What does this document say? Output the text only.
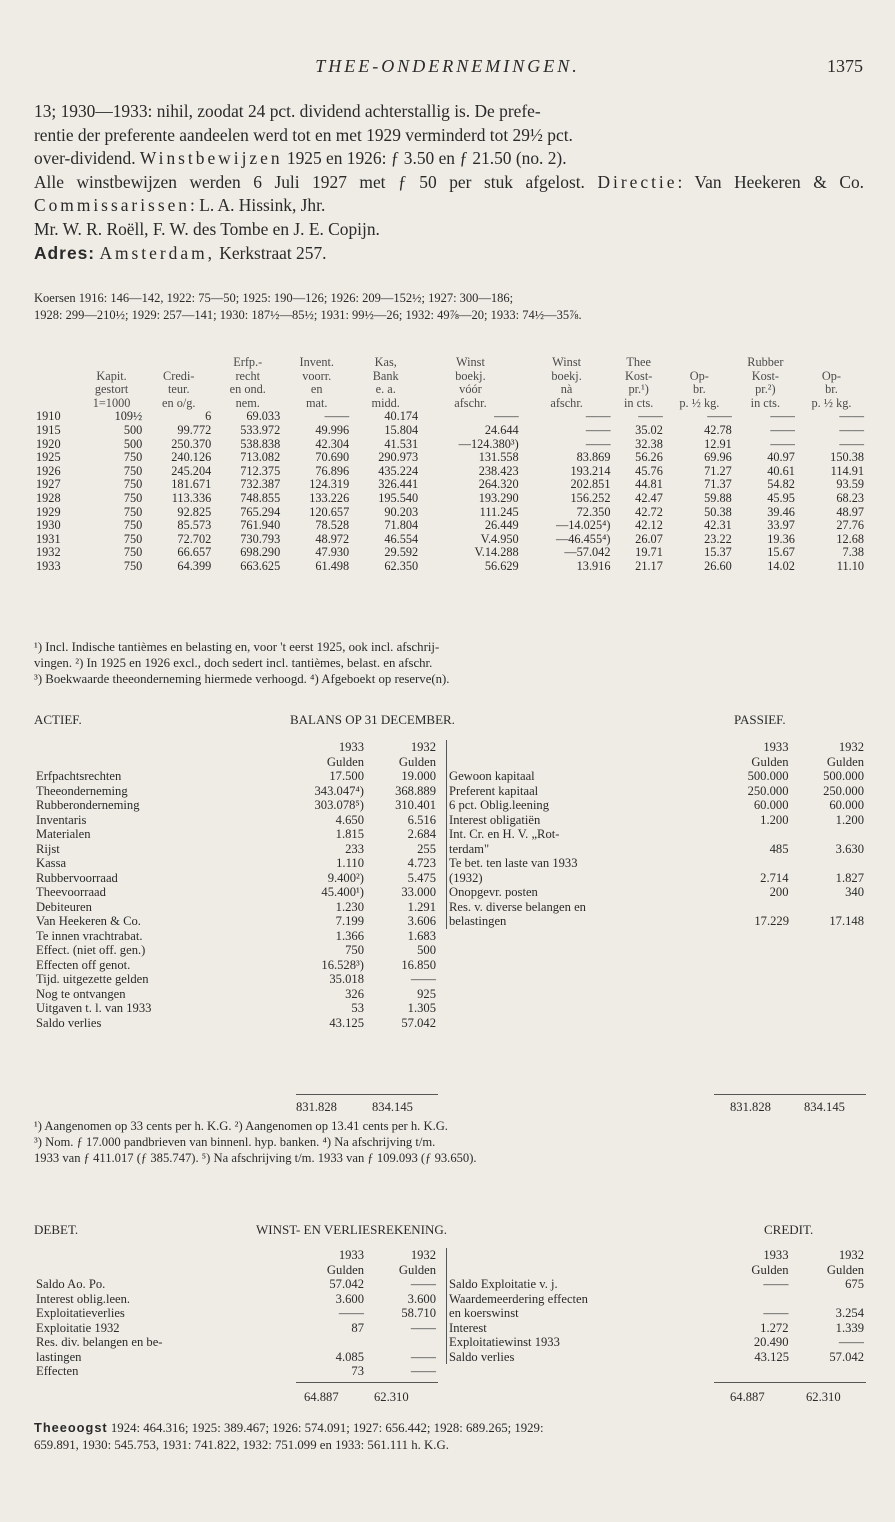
THEE-ONDERNEMINGEN.	1375

13; 1930—1933: nihil, zoodat 24 pct. dividend achterstallig is. De prefe-

rentie der preferente aandeelen werd tot en met 1929 verminderd tot 29½ pct.

over-dividend. Winstbewijzen 1925 en 1926: ƒ 3.50 en ƒ 21.50 (no. 2).

Alle winstbewijzen werden 6 Juli 1927 met ƒ 50 per stuk afgelost. Directie: Van Heekeren & Co. Commissarissen: L. A. Hissink, Jhr.

Mr. W. R. Roëll, F. W. des Tombe en J. E. Copijn.

Adres: Amsterdam, Kerkstraat 257.

Koersen 1916: 146—142, 1922: 75—50; 1925: 190—126; 1926: 209—152½; 1927: 300—186;

1928: 299—210½; 1929: 257—141; 1930: 187½—85½; 1931: 99½—26; 1932: 49⅞—20; 1933: 74½—35⅞.

			Erfp.-	Invent.	Kas,	Winst	Winst	Thee		Rubber	
	Kapit.	Credi-	recht	voorr.	Bank	boekj.	boekj.	Kost-	Op-	Kost-	Op-
	gestort	teur.	en ond.	en	e. a.	vóór	nà	pr.¹)	br.	pr.²)	br.
	1=1000	en o/g.	nem.	mat.	midd.	afschr.	afschr.	in cts.	p. ½ kg.	in cts.	p. ½ kg.
1910	109½	6	69.033	——	40.174	——	——	——	——	——	——
1915	500	99.772	533.972	49.996	15.804	24.644	——	35.02	42.78	——	——
1920	500	250.370	538.838	42.304	41.531	—124.380³)	——	32.38	12.91	——	——
1925	750	240.126	713.082	70.690	290.973	131.558	83.869	56.26	69.96	40.97	150.38
1926	750	245.204	712.375	76.896	435.224	238.423	193.214	45.76	71.27	40.61	114.91
1927	750	181.671	732.387	124.319	326.441	264.320	202.851	44.81	71.37	54.82	93.59
1928	750	113.336	748.855	133.226	195.540	193.290	156.252	42.47	59.88	45.95	68.23
1929	750	92.825	765.294	120.657	90.203	111.245	72.350	42.72	50.38	39.46	48.97
1930	750	85.573	761.940	78.528	71.804	26.449	—14.025⁴)	42.12	42.31	33.97	27.76
1931	750	72.702	730.793	48.972	46.554	V.4.950	—46.455⁴)	26.07	23.22	19.36	12.68
1932	750	66.657	698.290	47.930	29.592	V.14.288	—57.042	19.71	15.37	15.67	7.38
1933	750	64.399	663.625	61.498	62.350	56.629	13.916	21.17	26.60	14.02	11.10

¹) Incl. Indische tantièmes en belasting en, voor 't eerst 1925, ook incl. afschrij-

vingen. ²) In 1925 en 1926 excl., doch sedert incl. tantièmes, belast. en afschr.

³) Boekwaarde theeonderneming hiermede verhoogd. ⁴) Afgeboekt op reserve(n).

ACTIEF.	BALANS OP 31 DECEMBER.	PASSIEF.
	1933	1932
	Gulden	Gulden
Erfpachtsrechten	17.500	19.000
Theeonderneming	343.047⁴)	368.889
Rubberonderneming	303.078⁵)	310.401
Inventaris	4.650	6.516
Materialen	1.815	2.684
Rijst	233	255
Kassa	1.110	4.723
Rubbervoorraad	9.400²)	5.475
Theevoorraad	45.400¹)	33.000
Debiteuren	1.230	1.291
Van Heekeren & Co.	7.199	3.606
Te innen vrachtrabat.	1.366	1.683
Effect. (niet off. gen.)	750	500
Effecten off genot.	16.528³)	16.850
Tijd. uitgezette gelden	35.018	——
Nog te ontvangen	326	925
Uitgaven t. l. van 1933	53	1.305
Saldo verlies	43.125	57.042
	1933	1932
	Gulden	Gulden
Gewoon kapitaal	500.000	500.000
Preferent kapitaal	250.000	250.000
6 pct. Oblig.leening	60.000	60.000
Interest obligatiën	1.200	1.200
Int. Cr. en H. V. „Rot-		
terdam"	485	3.630
Te bet. ten laste van 1933		
(1932)	2.714	1.827
Onopgevr. posten	200	340
Res. v. diverse belangen en		
belastingen	17.229	17.148
831.828	834.145	831.828	834.145

¹) Aangenomen op 33 cents per h. K.G. ²) Aangenomen op 13.41 cents per h. K.G.

³) Nom. ƒ 17.000 pandbrieven van binnenl. hyp. banken. ⁴) Na afschrijving t/m.

1933 van ƒ 411.017 (ƒ 385.747). ⁵) Na afschrijving t/m. 1933 van ƒ 109.093 (ƒ 93.650).

DEBET.	WINST- EN VERLIESREKENING.	CREDIT.
	1933	1932
	Gulden	Gulden
Saldo Ao. Po.	57.042	——
Interest oblig.leen.	3.600	3.600
Exploitatieverlies	——	58.710
Exploitatie 1932	87	——
Res. div. belangen en be-		
lastingen	4.085	——
Effecten	73	——
	1933	1932
	Gulden	Gulden
Saldo Exploitatie v. j.	——	675
Waardemeerdering effecten		
en koerswinst	——	3.254
Interest	1.272	1.339
Exploitatiewinst 1933	20.490	——
Saldo verlies	43.125	57.042
64.887	62.310	64.887	62.310

Theeoogst 1924: 464.316; 1925: 389.467; 1926: 574.091; 1927: 656.442; 1928: 689.265; 1929:

659.891, 1930: 545.753, 1931: 741.822, 1932: 751.099 en 1933: 561.111 h. K.G.
